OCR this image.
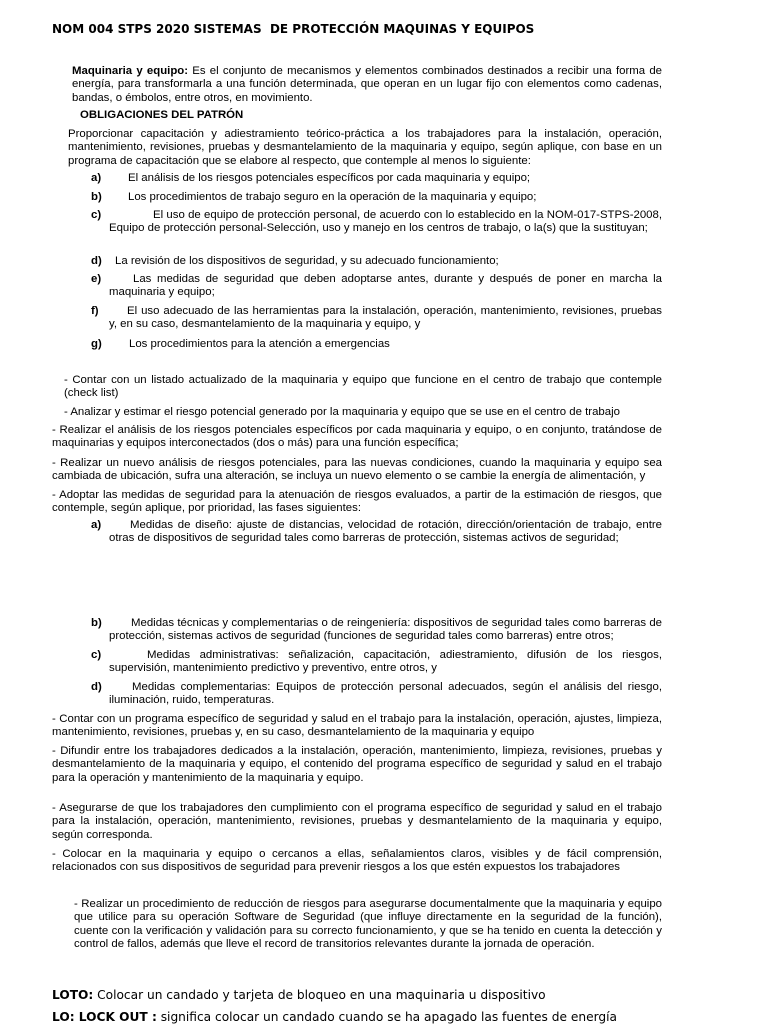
NOM 004 STPS 2020 SISTEMAS  DE PROTECCIÓN MAQUINAS Y EQUIPOS
Maquinaria y equipo: Es el conjunto de mecanismos y elementos combinados destinados a recibir una forma de energía, para transformarla a una función determinada, que operan en un lugar fijo con elementos como cadenas, bandas, o émbolos, entre otros, en movimiento.
OBLIGACIONES DEL PATRÓN
Proporcionar capacitación y adiestramiento teórico-práctica a los trabajadores para la instalación, operación, mantenimiento, revisiones, pruebas y desmantelamiento de la maquinaria y equipo, según aplique, con base en un programa de capacitación que se elabore al respecto, que contemple al menos lo siguiente:
a)	El análisis de los riesgos potenciales específicos por cada maquinaria y equipo;
b)	Los procedimientos de trabajo seguro en la operación de la maquinaria y equipo;
c)	El uso de equipo de protección personal, de acuerdo con lo establecido en la NOM-017-STPS-2008, Equipo de protección personal-Selección, uso y manejo en los centros de trabajo, o la(s) que la sustituyan;
d)	La revisión de los dispositivos de seguridad, y su adecuado funcionamiento;
e)	Las medidas de seguridad que deben adoptarse antes, durante y después de poner en marcha la maquinaria y equipo;
f)	El uso adecuado de las herramientas para la instalación, operación, mantenimiento, revisiones, pruebas y, en su caso, desmantelamiento de la maquinaria y equipo, y
g)	Los procedimientos para la atención a emergencias
- Contar con un listado actualizado de la maquinaria y equipo que funcione en el centro de trabajo que contemple (check list)
- Analizar y estimar el riesgo potencial generado por la maquinaria y equipo que se use en el centro de trabajo
- Realizar el análisis de los riesgos potenciales específicos por cada maquinaria y equipo, o en conjunto, tratándose de maquinarias y equipos interconectados (dos o más) para una función específica;
- Realizar un nuevo análisis de riesgos potenciales, para las nuevas condiciones, cuando la maquinaria y equipo sea cambiada de ubicación, sufra una alteración, se incluya un nuevo elemento o se cambie la energía de alimentación, y
- Adoptar las medidas de seguridad para la atenuación de riesgos evaluados, a partir de la estimación de riesgos, que contemple, según aplique, por prioridad, las fases siguientes:
a)	Medidas de diseño: ajuste de distancias, velocidad de rotación, dirección/orientación de trabajo, entre otras de dispositivos de seguridad tales como barreras de protección, sistemas activos de seguridad;
b)	Medidas técnicas y complementarias o de reingeniería: dispositivos de seguridad tales como barreras de protección, sistemas activos de seguridad (funciones de seguridad tales como barreras) entre otros;
c)	Medidas administrativas: señalización, capacitación, adiestramiento, difusión de los riesgos, supervisión, mantenimiento predictivo y preventivo, entre otros, y
d)	Medidas complementarias: Equipos de protección personal adecuados, según el análisis del riesgo, iluminación, ruido, temperaturas.
- Contar con un programa específico de seguridad y salud en el trabajo para la instalación, operación, ajustes, limpieza, mantenimiento, revisiones, pruebas y, en su caso, desmantelamiento de la maquinaria y equipo
- Difundir entre los trabajadores dedicados a la instalación, operación, mantenimiento, limpieza, revisiones, pruebas y desmantelamiento de la maquinaria y equipo, el contenido del programa específico de seguridad y salud en el trabajo para la operación y mantenimiento de la maquinaria y equipo.
- Asegurarse de que los trabajadores den cumplimiento con el programa específico de seguridad y salud en el trabajo para la instalación, operación, mantenimiento, revisiones, pruebas y desmantelamiento de la maquinaria y equipo, según corresponda.
- Colocar en la maquinaria y equipo o cercanos a ellas, señalamientos claros, visibles y de fácil comprensión, relacionados con sus dispositivos de seguridad para prevenir riesgos a los que estén expuestos los trabajadores
- Realizar un procedimiento de reducción de riesgos para asegurarse documentalmente que la maquinaria y equipo que utilice para su operación Software de Seguridad (que influye directamente en la seguridad de la función), cuente con la verificación y validación para su correcto funcionamiento, y que se ha tenido en cuenta la detección y control de fallos, además que lleve el record de transitorios relevantes durante la jornada de operación.
LOTO: Colocar un candado y tarjeta de bloqueo en una maquinaria u dispositivo
LO: LOCK OUT : significa colocar un candado cuando se ha apagado las fuentes de energía
